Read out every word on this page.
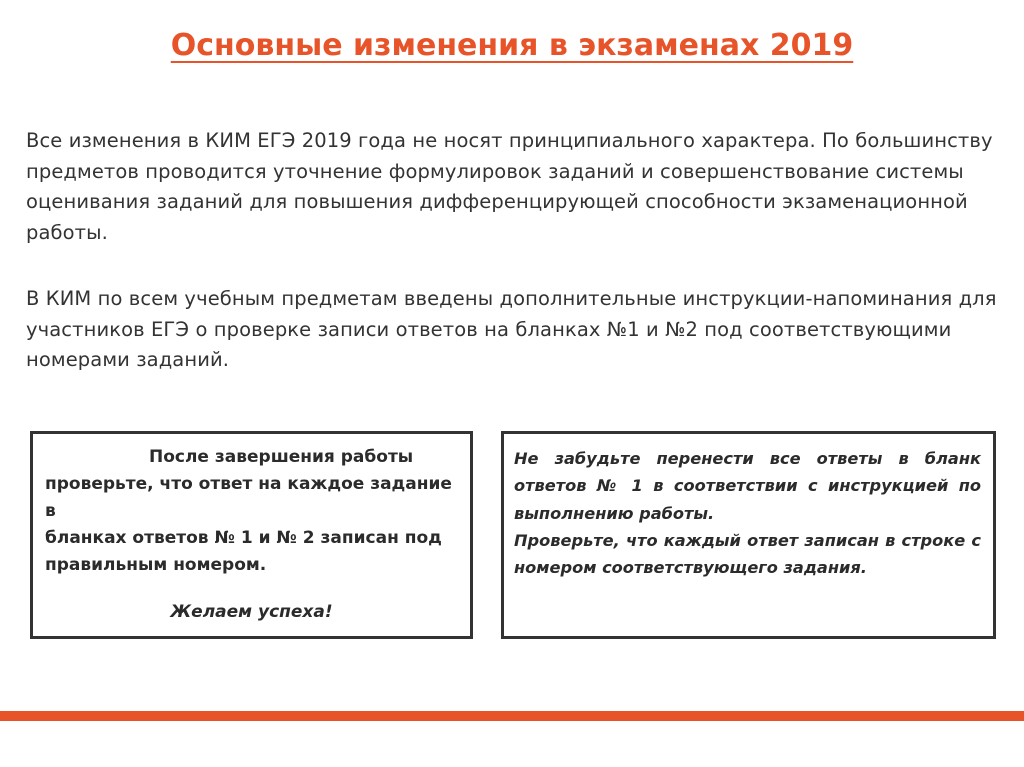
Основные изменения в экзаменах 2019
Все изменения в КИМ ЕГЭ 2019 года не носят принципиального характера. По большинству предметов проводится уточнение формулировок заданий и совершенствование системы оценивания заданий для повышения дифференцирующей способности экзаменационной работы.
В КИМ по всем учебным предметам введены дополнительные инструкции-напоминания для участников ЕГЭ о проверке записи ответов на бланках №1 и №2 под соответствующими номерами заданий.
После завершения работы
проверьте, что ответ на каждое задание в
бланках ответов № 1 и № 2 записан под
правильным номером.
Желаем успеха!
Не забудьте перенести все ответы в бланк ответов № 1 в соответствии с инструкцией по выполнению работы.
Проверьте, что каждый ответ записан в строке с номером соответствующего задания.
